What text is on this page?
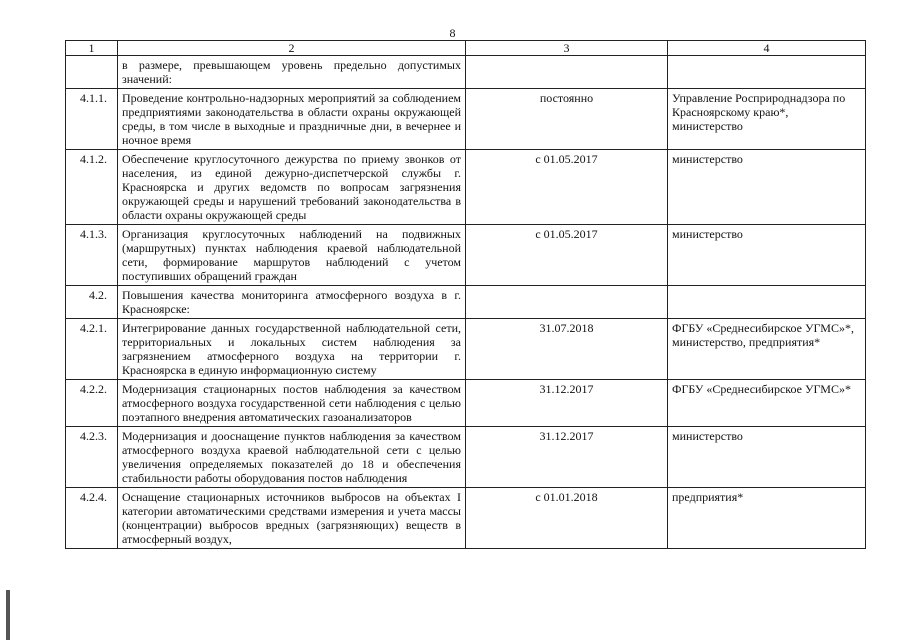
8
1	2	3	4
	в размере, превышающем уровень предельно допустимых значений:		
4.1.1.	Проведение контрольно-надзорных мероприятий за соблюдением предприятиями законодательства в области охраны окружающей среды, в том числе в выходные и праздничные дни, в вечернее и ночное время	постоянно	Управление Росприроднадзора по Красноярскому краю*, министерство
4.1.2.	Обеспечение круглосуточного дежурства по приему звонков от населения, из единой дежурно-диспетчерской службы г. Красноярска и других ведомств по вопросам загрязнения окружающей среды и нарушений требований законодательства в области охраны окружающей среды	с 01.05.2017	министерство
4.1.3.	Организация круглосуточных наблюдений на подвижных (маршрутных) пунктах наблюдения краевой наблюдательной сети, формирование маршрутов наблюдений с учетом поступивших обращений граждан	с 01.05.2017	министерство
4.2.	Повышения качества мониторинга атмосферного воздуха в г. Красноярске:		
4.2.1.	Интегрирование данных государственной наблюдательной сети, территориальных и локальных систем наблюдения за загрязнением атмосферного воздуха на территории г. Красноярска в единую информационную систему	31.07.2018	ФГБУ «Среднесибирское УГМС»*, министерство, предприятия*
4.2.2.	Модернизация стационарных постов наблюдения за качеством атмосферного воздуха государственной сети наблюдения с целью поэтапного внедрения автоматических газоанализаторов	31.12.2017	ФГБУ «Среднесибирское УГМС»*
4.2.3.	Модернизация и дооснащение пунктов наблюдения за качеством атмосферного воздуха краевой наблюдательной сети с целью увеличения определяемых показателей до 18 и обеспечения стабильности работы оборудования постов наблюдения	31.12.2017	министерство
4.2.4.	Оснащение стационарных источников выбросов на объектах I категории автоматическими средствами измерения и учета массы (концентрации) выбросов вредных (загрязняющих) веществ в атмосферный воздух,	с 01.01.2018	предприятия*
